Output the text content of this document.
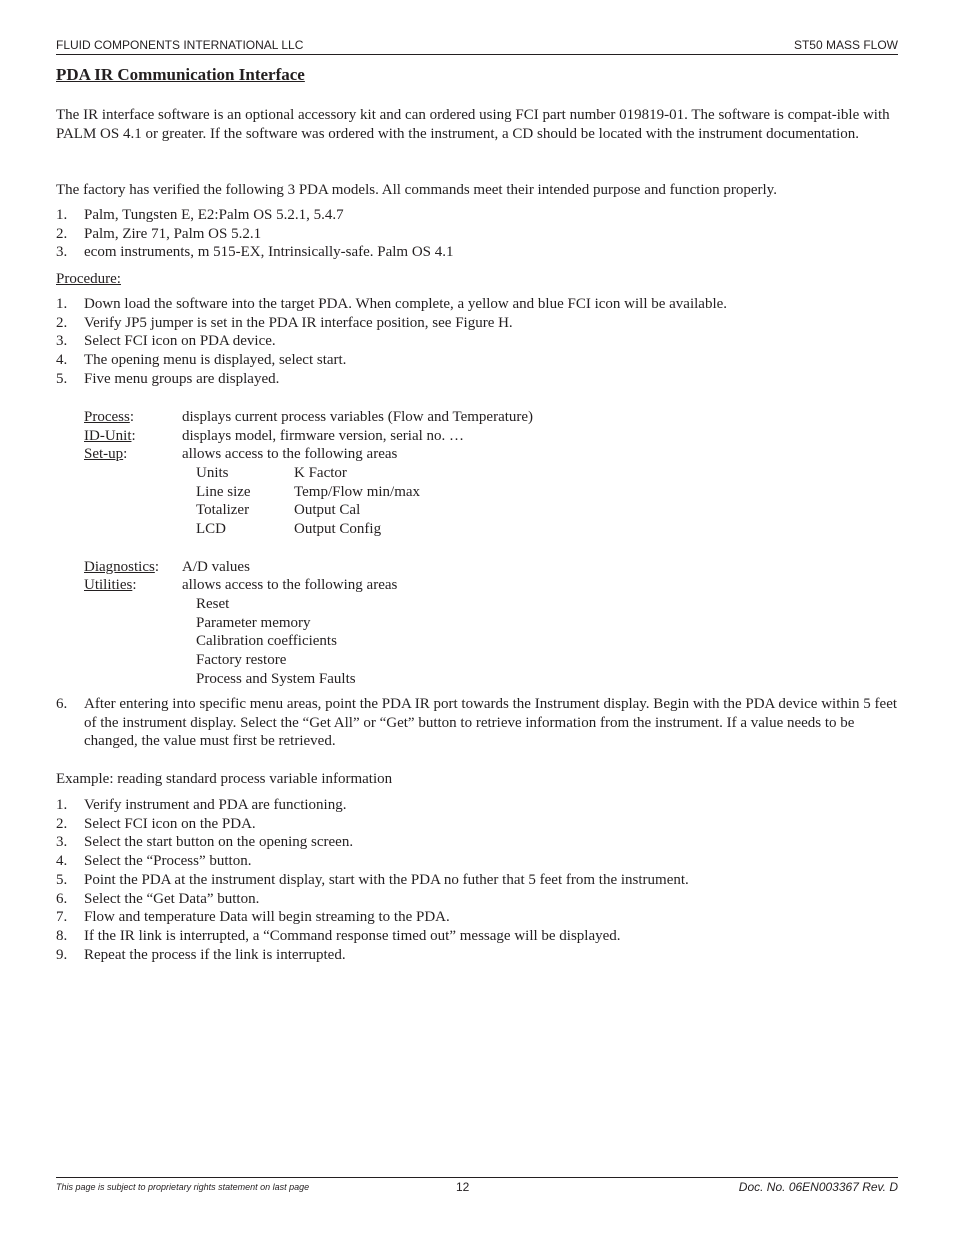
FLUID COMPONENTS INTERNATIONAL LLC	ST50 MASS FLOW
PDA IR Communication Interface

The IR interface software is an optional accessory kit and can ordered using FCI part number 019819-01. The software is compat-ible with PALM OS 4.1 or greater. If the software was ordered with the instrument, a CD should be located with the instrument documentation.

The factory has verified the following 3 PDA models. All commands meet their intended purpose and function properly.

1. Palm, Tungsten E, E2:Palm OS 5.2.1, 5.4.7
2. Palm, Zire 71, Palm OS 5.2.1
3. ecom instruments, m 515-EX, Intrinsically-safe. Palm OS 4.1
Procedure:
1. Down load the software into the target PDA. When complete, a yellow and blue FCI icon will be available.
2. Verify JP5 jumper is set in the PDA IR interface position, see Figure H.
3. Select FCI icon on PDA device.
4. The opening menu is displayed, select start.
5. Five menu groups are displayed.
Process:	displays current process variables (Flow and Temperature)
ID-Unit:	displays model, firmware version, serial no. …
Set-up:	allows access to the following areas
Units	K Factor
Line size	Temp/Flow min/max
Totalizer	Output Cal
LCD	Output Config
Diagnostics: A/D values
Utilities:	allows access to the following areas
Reset
Parameter memory
Calibration coefficients
Factory restore
Process and System Faults
6. After entering into specific menu areas, point the PDA IR port towards the Instrument display. Begin with the PDA device within 5 feet of the instrument display. Select the “Get All” or “Get” button to retrieve information from the instrument. If a value needs to be changed, the value must first be retrieved.

Example: reading standard process variable information

1. Verify instrument and PDA are functioning.
2. Select FCI icon on the PDA.
3. Select the start button on the opening screen.
4. Select the “Process” button.
5. Point the PDA at the instrument display, start with the PDA no futher that 5 feet from the instrument.
6. Select the “Get Data” button.
7. Flow and temperature Data will begin streaming to the PDA.
8. If the IR link is interrupted, a “Command response timed out” message will be displayed.
9. Repeat the process if the link is interrupted.
This page is subject to proprietary rights statement on last page	12	Doc. No. 06EN003367 Rev. D
